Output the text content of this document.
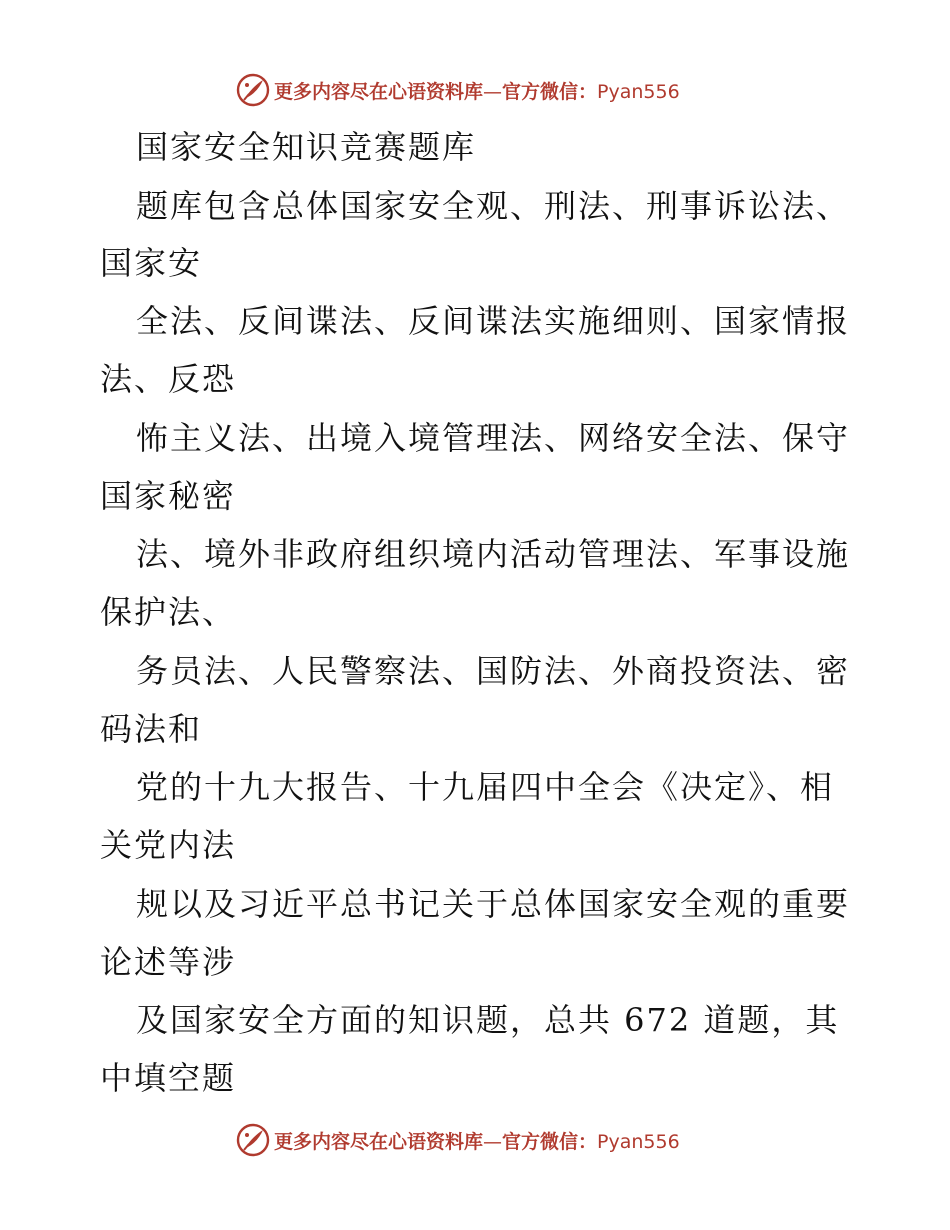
更多内容尽在心语资料库—官方微信：Pyan556
国家安全知识竞赛题库
题库包含总体国家安全观、刑法、刑事诉讼法、
国家安
全法、反间谍法、反间谍法实施细则、国家情报
法、反恐
怖主义法、出境入境管理法、网络安全法、保守
国家秘密
法、境外非政府组织境内活动管理法、军事设施
保护法、
务员法、人民警察法、国防法、外商投资法、密
码法和
党的十九大报告、十九届四中全会《决定》、相
关党内法
规以及习近平总书记关于总体国家安全观的重要
论述等涉
及国家安全方面的知识题，总共 672 道题，其
中填空题
更多内容尽在心语资料库—官方微信：Pyan556
